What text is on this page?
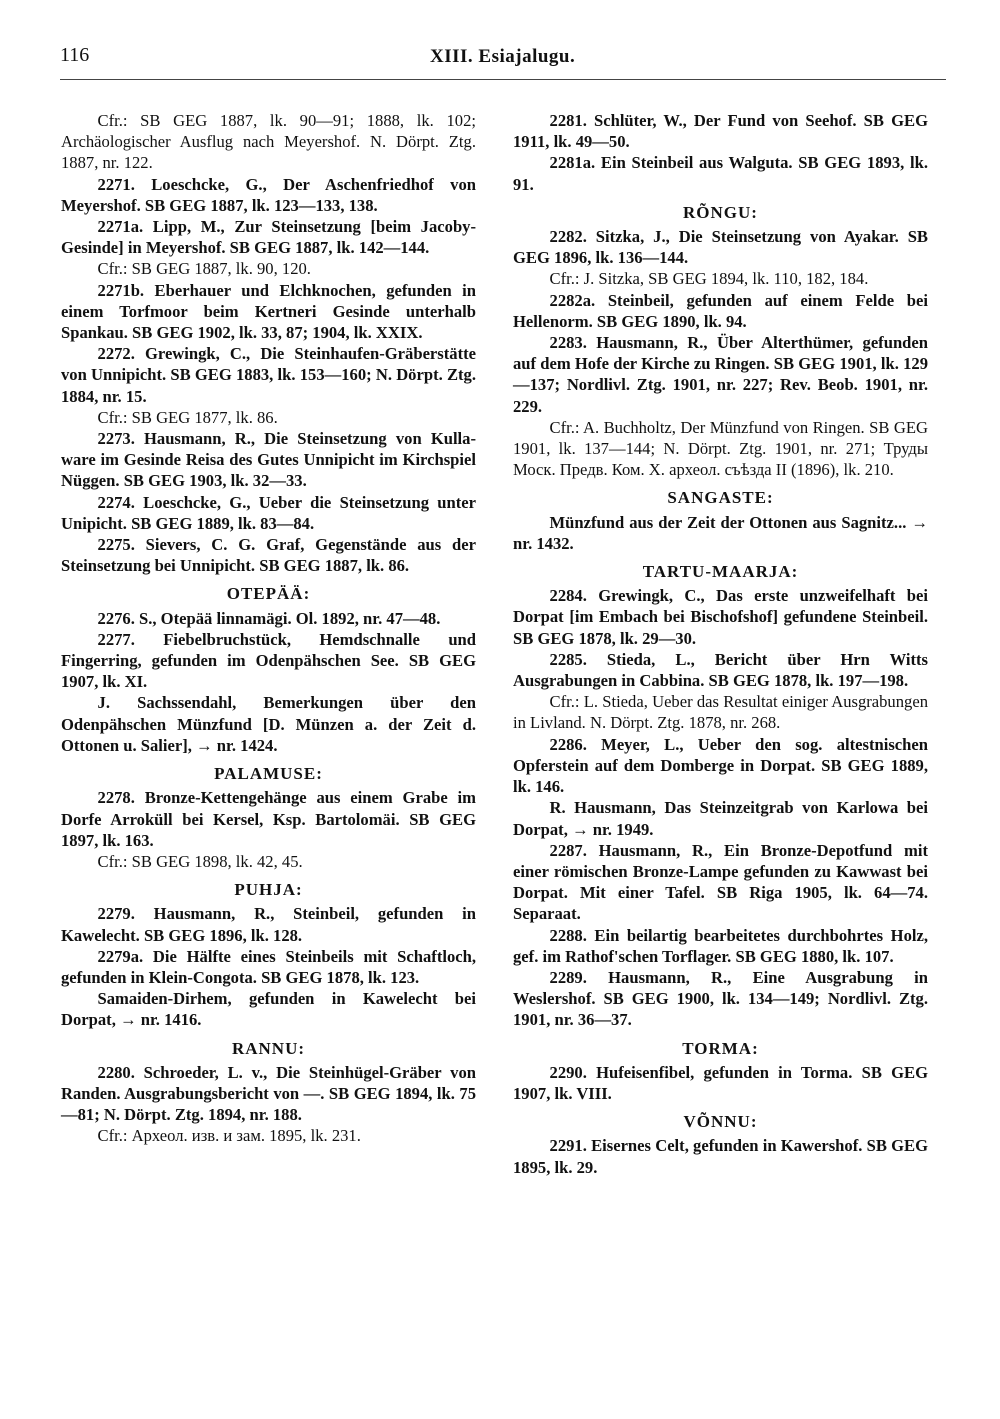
116	XIII. Esiajalugu.

Cfr.: SB GEG 1887, lk. 90—91; 1888, lk. 102; Archäologischer Ausflug nach Meyershof. N. Dörpt. Ztg. 1887, nr. 122.

2271. Loeschcke, G., Der Aschenfriedhof von Meyershof. SB GEG 1887, lk. 123—133, 138.

2271a. Lipp, M., Zur Steinsetzung [beim Jacoby-Gesinde] in Meyershof. SB GEG 1887, lk. 142—144.

Cfr.: SB GEG 1887, lk. 90, 120.

2271b. Eberhauer und Elchknochen, gefunden in einem Torfmoor beim Kertneri Gesinde unterhalb Spankau. SB GEG 1902, lk. 33, 87; 1904, lk. XXIX.

2272. Grewingk, C., Die Steinhaufen-Gräberstätte von Unnipicht. SB GEG 1883, lk. 153—160; N. Dörpt. Ztg. 1884, nr. 15.

Cfr.: SB GEG 1877, lk. 86.

2273. Hausmann, R., Die Steinsetzung von Kulla-ware im Gesinde Reisa des Gutes Unnipicht im Kirchspiel Nüggen. SB GEG 1903, lk. 32—33.

2274. Loeschcke, G., Ueber die Steinsetzung unter Unipicht. SB GEG 1889, lk. 83—84.

2275. Sievers, C. G. Graf, Gegenstände aus der Steinsetzung bei Unnipicht. SB GEG 1887, lk. 86.

OTEPÄÄ:

2276. S., Otepää linnamägi. Ol. 1892, nr. 47—48.

2277. Fiebelbruchstück, Hemdschnalle und Fingerring, gefunden im Odenpähschen See. SB GEG 1907, lk. XI.

J. Sachssendahl, Bemerkungen über den Odenpähschen Münzfund [D. Münzen a. der Zeit d. Ottonen u. Salier], → nr. 1424.

PALAMUSE:

2278. Bronze-Kettengehänge aus einem Grabe im Dorfe Arroküll bei Kersel, Ksp. Bartolomäi. SB GEG 1897, lk. 163.

Cfr.: SB GEG 1898, lk. 42, 45.

PUHJA:

2279. Hausmann, R., Steinbeil, gefunden in Kawelecht. SB GEG 1896, lk. 128.

2279a. Die Hälfte eines Steinbeils mit Schaftloch, gefunden in Klein-Congota. SB GEG 1878, lk. 123.

Samaiden-Dirhem, gefunden in Kawelecht bei Dorpat, → nr. 1416.

RANNU:

2280. Schroeder, L. v., Die Steinhügel-Gräber von Randen. Ausgrabungsbericht von —. SB GEG 1894, lk. 75—81; N. Dörpt. Ztg. 1894, nr. 188.

Cfr.: Археол. изв. и зам. 1895, lk. 231.

2281. Schlüter, W., Der Fund von Seehof. SB GEG 1911, lk. 49—50.

2281a. Ein Steinbeil aus Walguta. SB GEG 1893, lk. 91.

RÕNGU:

2282. Sitzka, J., Die Steinsetzung von Ayakar. SB GEG 1896, lk. 136—144.

Cfr.: J. Sitzka, SB GEG 1894, lk. 110, 182, 184.

2282a. Steinbeil, gefunden auf einem Felde bei Hellenorm. SB GEG 1890, lk. 94.

2283. Hausmann, R., Über Alterthümer, gefunden auf dem Hofe der Kirche zu Ringen. SB GEG 1901, lk. 129—137; Nordlivl. Ztg. 1901, nr. 227; Rev. Beob. 1901, nr. 229.

Cfr.: A. Buchholtz, Der Münzfund von Ringen. SB GEG 1901, lk. 137—144; N. Dörpt. Ztg. 1901, nr. 271; Труды Моск. Предв. Ком. X. археол. съѣзда II (1896), lk. 210.

SANGASTE:

Münzfund aus der Zeit der Ottonen aus Sagnitz... → nr. 1432.

TARTU-MAARJA:

2284. Grewingk, C., Das erste unzweifelhaft bei Dorpat [im Embach bei Bischofshof] gefundene Steinbeil. SB GEG 1878, lk. 29—30.

2285. Stieda, L., Bericht über Hrn Witts Ausgrabungen in Cabbina. SB GEG 1878, lk. 197—198.

Cfr.: L. Stieda, Ueber das Resultat einiger Ausgrabungen in Livland. N. Dörpt. Ztg. 1878, nr. 268.

2286. Meyer, L., Ueber den sog. altestnischen Opferstein auf dem Domberge in Dorpat. SB GEG 1889, lk. 146.

R. Hausmann, Das Steinzeitgrab von Karlowa bei Dorpat, → nr. 1949.

2287. Hausmann, R., Ein Bronze-Depotfund mit einer römischen Bronze-Lampe gefunden zu Kawwast bei Dorpat. Mit einer Tafel. SB Riga 1905, lk. 64—74. Separaat.

2288. Ein beilartig bearbeitetes durchbohrtes Holz, gef. im Rathof'schen Torflager. SB GEG 1880, lk. 107.

2289. Hausmann, R., Eine Ausgrabung in Weslershof. SB GEG 1900, lk. 134—149; Nordlivl. Ztg. 1901, nr. 36—37.

TORMA:

2290. Hufeisenfibel, gefunden in Torma. SB GEG 1907, lk. VIII.

VÕNNU:

2291. Eisernes Celt, gefunden in Kawershof. SB GEG 1895, lk. 29.
